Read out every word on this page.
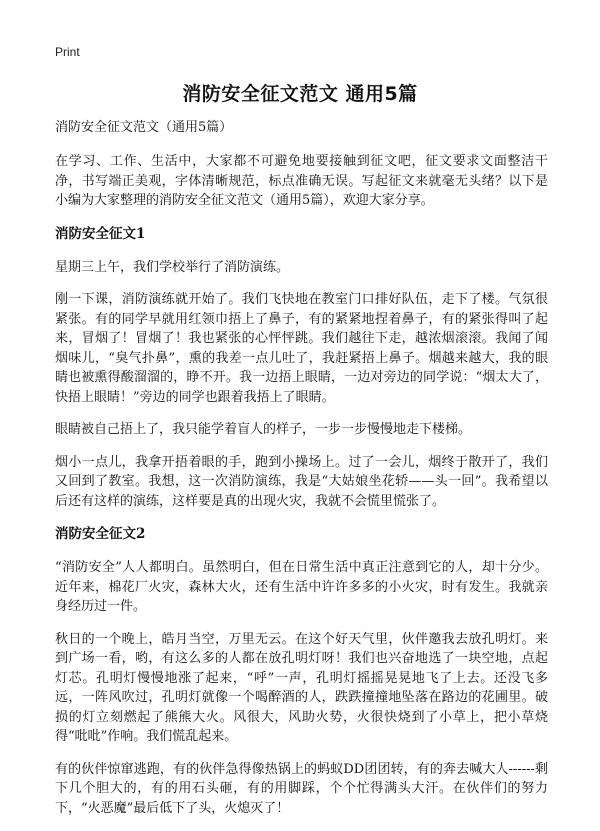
Print
消防安全征文范文 通用5篇
消防安全征文范文（通用5篇）

在学习、工作、生活中，大家都不可避免地要接触到征文吧，征文要求文面整洁干净，书写端正美观，字体清晰规范，标点准确无误。写起征文来就毫无头绪？以下是小编为大家整理的消防安全征文范文（通用5篇），欢迎大家分享。

消防安全征文1

星期三上午，我们学校举行了消防演练。

刚一下课，消防演练就开始了。我们飞快地在教室门口排好队伍，走下了楼。气氛很紧张。有的同学早就用红领巾捂上了鼻子，有的紧紧地捏着鼻子，有的紧张得叫了起来，冒烟了！冒烟了！我也紧张的心怦怦跳。我们越往下走，越浓烟滚滚。我闻了闻烟味儿，“臭气扑鼻”，熏的我差一点儿吐了，我赶紧捂上鼻子。烟越来越大，我的眼睛也被熏得酸溜溜的，睁不开。我一边捂上眼睛，一边对旁边的同学说：“烟太大了，快捂上眼睛！”旁边的同学也跟着我捂上了眼睛。

眼睛被自己捂上了，我只能学着盲人的样子，一步一步慢慢地走下楼梯。

烟小一点儿，我拿开捂着眼的手，跑到小操场上。过了一会儿，烟终于散开了，我们又回到了教室。我想，这一次消防演练，我是“大姑娘坐花轿——头一回”。我希望以后还有这样的演练，这样要是真的出现火灾，我就不会慌里慌张了。

消防安全征文2

“消防安全”人人都明白。虽然明白，但在日常生活中真正注意到它的人，却十分少。近年来，棉花厂火灾，森林大火，还有生活中许许多多的小火灾，时有发生。我就亲身经历过一件。

秋日的一个晚上，皓月当空，万里无云。在这个好天气里，伙伴邀我去放孔明灯。来到广场一看，哟，有这么多的人都在放孔明灯呀！我们也兴奋地选了一块空地，点起灯芯。孔明灯慢慢地涨了起来，“呼”一声，孔明灯摇摇晃晃地飞了上去。还没飞多远，一阵风吹过，孔明灯就像一个喝醉酒的人，跌跌撞撞地坠落在路边的花圃里。破损的灯立刻燃起了熊熊大火。风很大，风助火势，火很快烧到了小草上，把小草烧得“吡吡”作响。我们慌乱起来。

有的伙伴惊窜逃跑，有的伙伴急得像热锅上的蚂蚁DD团团转，有的奔去喊大人------剩下几个胆大的，有的用石头砸，有的用脚踩，个个忙得满头大汗。在伙伴们的努力下，“火恶魔”最后低下了头，火熄灭了！
